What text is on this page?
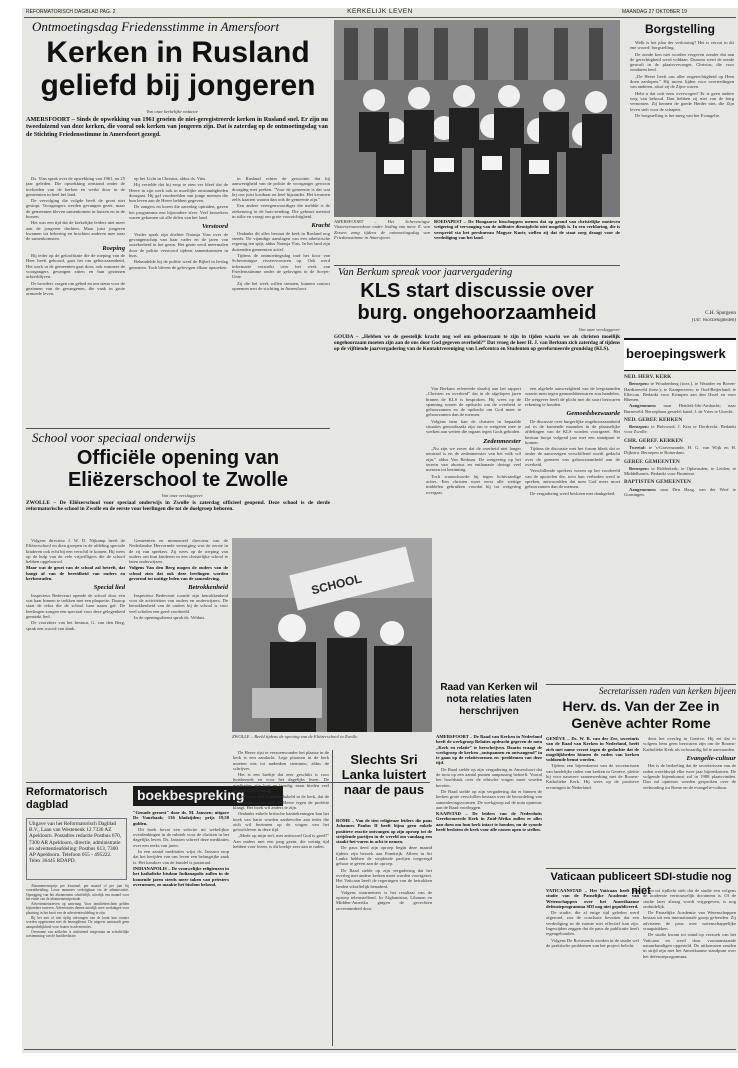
REFORMATORISCH DAGBLAD PAG. 2	KERKELIJK LEVEN	MAANDAG 27 OKTOBER 19
Ontmoetingsdag Friedensstimme in Amersfoort
Kerken in Rusland
geliefd bij jongeren
Van onze kerkelijke redactie
AMERSFOORT – Sinds de opwekking van 1961 groeien de niet-geregistreerde kerken in Rusland snel. Er zijn nu tweeduizend van deze kerken, die vooral ook kerken van jongeren zijn. Dat is zaterdag op de ontmoetingsdag van de Stichting Friedensstimme in Amersfoort gezegd.

Ds. Vins sprak over de opwekking van 1961, nu 25 jaar geleden. Die opwekking ontstond onder de invloeden van de kerken en werkt door in de gemeenten in heel het land.

De vervolging die volgde heeft de groei niet gestopt. Voorgangers werden gevangen gezet, maar de gemeenten bleven samenkomen in huizen en in de bossen.

Het was een tijd dat de kerkelijke leiders niet meer aan de jongeren dachten. Maar juist jongeren kwamen tot bekering en brachten anderen mee naar de samenkomsten.

Roeping

Bij ieder op de geloofsknie die de roeping van de Heer heeft gehoord, gaat het om gehoorzaamheid. Het werk in de gemeenten gaat door, ook wanneer de voorgangers gevangen zitten en hun gezinnen achterblijven.

De broeders vragen om gebed en om steun voor de gezinnen van de gevangenen, die vaak in grote armoede leven.

op het Licht in Christus, aldus ds. Vins.

Hij vertelde dat hij erop te zien ver bleef dat de Heere in zijn werk ook in moeilijke omstandigheden doorgaat. Hij gaf voorbeelden van jonge mensen die hun leven aan de Heere hebben gegeven.

De zangers en koren die zaterdag optraden, gaven het programma een bijzondere sfeer. Veel bezoekers waren gekomen uit alle delen van het land.

Verstoord

Verder sprak zijn dochter Natasja Vins over de gevangenschap van haar vader en de jaren van onzekerheid in het gezin. Het gezin werd meermalen door de politie verstoord tijdens samenkomsten in huis.

Behandelde hij de politie werd de Bijbel in beslag genomen. Toch bleven de gelovigen elkaar opzoeken.

in Rusland echter de gewoonte dat bij aanwezigheid van de politie de voorganger gewoon doorging met preken. "Voor de gemeente is dat wat bij ons juist kostbaar en heel bijzonder. Het kwamen zelfs kaarten waarin dan ook de gemeente zijn."

Een andere vertegenwoordiger die meldde is de ziekenzorg in de huis-zending. Die gebeurt meestal in stilte en vraagt om grote voorzichtigheid.

Kracht

Ondanks dit alles bestaat de kerk in Rusland nog steeds. De vijandige aanslagen van een atheïstische regering ten spijt, aldus Natasja Vins. In het land zijn duizenden gemeenten actief.

Tijdens de ontmoetingsdag trad het koor van Scheveningse vissersvrouwen op. Ook werd informatie verstrekt over het werk van Friedensstimme onder de gelovigen in de Sovjet-Unie.

Zij die het werk willen steunen, kunnen contact opnemen met de stichting in Amersfoort.

AMERSFOORT – Het Scheveningse Vissersvrouwenkoor onder leiding van mevr. E. van Zessen zong tijdens de ontmoetingsdag van Friedensstimme in Amersfoort.

BOEDAPEST – De Hongaarse bisschoppen menen dat op grond van christelijke motieven weigering of vervanging van de militaire dienstplicht niet mogelijk is. In een verklaring, die is verspreid via het persbureau Magyar Kurir, stellen zij dat de staat zorg draagt voor de verdediging van het land.

Van Berkum spreak voor jaarvergadering
KLS start discussie over
burg. ongehoorzaamheid
Van onze verslaggever
GOUDA – „Hebben we de geestelijk kracht nog wel om gehoorzaam te zijn in tijden waarin we als christen moeilijk ongehoorzaam moeten zijn aan de ons door God gegeven overheid?” Dat vroeg de heer H. J. van Berkum zich zaterdag af tijdens op de vijftiende jaarvergadering van de Kontaktvereniging van Leefcentra en Studenten op gereformeerde grondslag (KLS).

Van Berkum refereerde daarbij aan het rapport „Christen en overheid” dat in de afgelopen jaren binnen de KLS is besproken. Hij wees op de spanning tussen de opdracht om de overheid te gehoorzamen en de opdracht om God meer te gehoorzamen dan de mensen.

Volgens hem kan de christen in bepaalde situaties genoodzaakt zijn om te weigeren mee te werken aan wetten die ingaan tegen Gods geboden.

Zedenmeester

„Nu zijn we zover dat de overheid niet langer neutraal is en de zedenmeester van het volk wil zijn,” aldus Van Berkum. De wetgeving op het terrein van abortus en euthanasie dwingt veel mensen tot bezinning.

Toch waarschuwde hij tegen lichtvaardige acties. Een christen moet eerst alle wettige middelen gebruiken voordat hij tot weigering overgaat.

een algehele aanwezigheid van de leegstaanden waarin men tegen gemoedsbezwaren zou handelen. De wetgever heeft de plicht met dit soort bezwaren rekening te houden.

Gemoedsbezwaarde

De discussie over burgerlijke ongehoorzaamheid zal in de komende maanden in de plaatselijke afdelingen van de KLS worden voortgezet. Het bestuur hoopt volgend jaar met een standpunt te komen.

Tijdens de discussie met het forum bleek dat er onder de aanwezigen verschillend wordt gedacht over de grenzen van gehoorzaamheid aan de overheid.

Verschillende sprekers wezen op het voorbeeld van de apostelen die, toen hun verboden werd te spreken, antwoordden dat men God meer moet gehoorzamen dan de mensen.

De vergadering werd besloten met dankgebed.

School voor speciaal onderwijs
Officiële opening van
Eliëzerschool te Zwolle
Van onze verslaggever
ZWOLLE – De Eliëzerschool voor speciaal onderwijs in Zwolle is zaterdag officieel geopend. Deze school is de derde reformatorische school in Zwolle en de eerste voor leerlingen die tot de doelgroep behoren.

Volgens directeur J. W. D. Nijkamp heeft de Eliëzerschool en dien groepen in de afdeling speciale kinderen ook echt bij een verschil te komen. Hij wees op de hulp van de vele vrijwilligers die de school hebben opgebouwd.

Maar wat de groei van de school zal betreft, dat hangt af van de bereidheid van ouders en kerkenraden.

Special lied

Inspecteur Bedeveurt opende de school door een wat haar binnen te trekken met een plaquette. Daarop staat de tekst die de school haar naam gaf. De leerlingen zongen een speciaal voor deze gelegenheid gemaakt lied.

De voorzitter van het bestuur, G. van den Berg, sprak een woord van dank.

Gemeenten en momenteel directeur van de Nederlandse Hervormde vereniging was de eerste in de rij van sprekers. Zij wees op de roeping van ouders om hun kinderen in een christelijke school te laten onderwijzen.

Volgens Van den Berg mogen de ouders van de school zien dat ook deze leerlingen worden gevormd tot nuttige leden van de samenleving.

Betrokkenheid

Inspecteur Bedeveurt toonde zijn betrokkenheid voor de activiteiten van ouders en onderwijzers. De betrokkenheid van de ouders bij de school is voor veel scholen een goed voorbeeld.

In de openingsdienst sprak ds. Velduis.

SCHOOL

ZWOLLE – Beeld tijdens de opening van de Eliëzerschool in Zwolle.

Borgstelling

Welk is het plan der verlossing? Het is vervat in dit ene woord: borgstelling.

De zonde kon niet worden vergeven zonder dat aan de gerechtigheid werd voldaan. Daarom werd de zonde gestraft in de plaatsvervanger, Christus, die voor zondaren leed.

„De Heere heeft ons aller ongerechtigheid op Hem doen aanlopen.” Hij moest lijden voor overtredingen van anderen, alsof zij de Zijne waren.

Hebt u dat ooit eens overwogen? Er is geen andere weg van behoud. Dan hebben zij niet van de borg vernomen. Zij kennen de goede Herder niet, die Zijn leven stelt voor de schapen.

De borgstelling is het merg van het Evangelie.

C.H. Spurgeon
(Uit: Voorzienigheden)
beroepingswerk

NED. HERV. KERK

Beroepen: te Woudenberg (toez.), te Waarder en Boven-Hardinxveld (toez.); te Kamperveen; te Oud-Beijerland; te Ellecom. Bedankt voor Krimpen aan den IJssel en voor Rhenen.

Aangenomen: naar Hendrik-Ido-Ambacht; naar Barneveld. Beroepbaar gesteld: kand. J. de Vries te Utrecht.

NED. GEREF. KERKEN

Beroepen: te Bolsward, J. Kim te Dordrecht. Bedankt voor Zwolle.

CHR. GEREF. KERKEN

Tweetal: te 's-Gravenzande, H. G. van Wijk en H. Dijkstra. Beroepen te Rotterdam.

GEREF. GEMEENTEN

Beroepen: te Ridderkerk; te Opheusden; te Leiden; te Middelharnis. Bedankt voor Bruinisse.

BAPTISTEN GEMEENTEN

Aangenomen: naar Den Haag, van der Werf te Groningen.

Reformatorisch
dagblad
Uitgave van het Reformatorisch Dagblad B.V., Laan van Westenenk 12 7336 AZ Apeldoorn. Postadres redactie Postbus 670, 7300 AR Apeldoorn, directie, administratie en advertentieafdeling: Postbus 613, 7300 AP Apeldoorn. Telefoon 055 - 495222. Telex 36445 RDAPD.

Abonnementsprijs per kwartaal, per maand of per jaar bij vooruitbetaling. Losse nummers verkrijgbaar via de administratie. Opzegging van het abonnement schriftelijk, uiterlijk een maand voor het einde van de abonnementsperiode.

Advertentietarieven op aanvraag. Voor familieberichten gelden bijzondere tarieven. Advertenties dienen uiterlijk twee werkdagen voor plaatsing in het bezit van de advertentieafdeling te zijn.

Bij het niet of niet tijdig ontvangen van de krant kan contact worden opgenomen met de bezorgdienst. De uitgever aanvaardt geen aansprakelijkheid voor fouten in advertenties.

Overname van artikelen is uitsluitend toegestaan na schriftelijke toestemming van de hoofdredactie.

boekbespreking

"Genade geroest" door ds. M. Janssen; uitgave De Vuurbaak; 136 bladzijden; prijs 19,50 gulden.

Dit boek bevat een selectie uit wekelijkse overdenkingen in de rubriek voor de christen in het dagelijks leven. Ds. Janssen schreef deze meditaties over een reeks van jaren.

In een aantal meditaties wijst ds. Janssen erop dat het berijden van ons leven een belangrijke zaak is. Het karakter van de bundel is pastoraal.

INDIANAPOLIS – De vrouwelijke religieuzen in het katholieke bisdom Indianapolis zullen in de komende jaren steeds meer taken van priesters overnemen, zo maakte het bisdom bekend.

De Heere rijst te verzoenwonder het plaatse in de kerk is een aandacht. Lege plaatsen in de kerk moeten ons tot nadenken stemmen, aldus de schrijver.

Het is een boekje dat zeer geschikt is voor huisbezoek en voor het dagelijks lezen. De meditaties zijn kort en bondig, maar bieden veel stof tot overdenking.

Een enkel feit is uitgeschakeld in de kerk, dat de visie onder meer niet de Heere tegen de profetie klaagt. Het boek wil anders te zijn.

Ondanks enkele kritische kanttekeningen kan het boek van harte worden aanbevolen aan ieder die zich wil bezinnen op de vragen van het geloofsleven in deze tijd.

„Mede op mijn stel, met antwoord God is goed!” Aan ouders met een jong gezin, die weinig tijd hebben voor lezen, is dit boekje zeer aan te raden.

Slechts Sri Lanka luistert naar de paus

ROME – Van de tien religieuze leiders die paus Johannes Paulus II heeft bijna geen enkele positieve reactie ontvangen op zijn oproep tot de strijdende partijen in de wereld om vandaag een staakt-het-vuren in acht te nemen.

De paus deed zijn oproep begin deze maand tijdens zijn bezoek aan Frankrijk. Alleen in Sri Lanka hebben de strijdende partijen toegezegd gehoor te geven aan de oproep.

De Raad stelde op zijn vergadering dat het overleg met andere kerken moet worden voortgezet. Het Vaticaan heeft de regeringen van de betrokken landen schriftelijk benaderd.

Volgens waarnemers is het resultaat van de oproep teleurstellend. In Afghanistan, Libanon en Midden-Amerika gingen de gevechten onverminderd door.

Raad van Kerken wil nota relaties laten herschrijven

AMERSFOORT – De Raad van Kerken in Nederland heeft de werkgroep Relaties opdracht gegeven de nota „Kerk en relatie” te herschrijven. Daarin vraagt de werkgroep de kerken „ontspannen en ontvangend” in te gaan op de relatievormen en -problemen van deze tijd.

De Raad stelde op zijn vergadering in Amersfoort dat de nota op een aantal punten aanpassing behoeft. Vooral het hoofdstuk over de ethische vragen moet worden herzien.

De Raad stelde op zijn vergadering dat er binnen de kerken grote verschillen bestaan over de beoordeling van samenlevingsvormen. De werkgroep zal de nota opnieuw aan de Raad voorleggen.

KAAPSTAD – De leiders van de Nederduits Gereformeerde Kerk in Zuid-Afrika zullen er alles aan doen om hun kerk intact te houden, nu de synode heeft besloten de kerk voor alle rassen open te stellen.

Secretarissen raden van kerken bijeen
Herv. ds. Van der Zee in
Genève achter Rome

GENÈVE – Ds. W. R. van der Zee, secretaris van de Raad van Kerken in Nederland, heeft zich met name verzet tegen de gedachte dat de mogelijkheden binnen de raden van kerken voldoende benut worden.

Tijdens een bijeenkomst van de secretarissen van landelijke raden van kerken in Genève, pleitte hij voor nauwere samenwerking met de Rooms-Katholieke Kerk. Hij wees op de positieve ervaringen in Nederland.

dens het overleg in Genève. Hij zei dat er volgens hem geen bezwaren zijn om de Rooms-Katholieke Kerk als volwaardig lid te aanvaarden.

Evangelie-cultuur

Het is de bedoeling dat de secretarissen van de raden wereldwijd elke twee jaar bijeenkomen. De volgende bijeenkomst zal in 1988 plaatsvinden. Dan zal opnieuw worden gesproken over de verhouding tot Rome en de evangelie-cultuur.

Vaticaan publiceert SDI-studie nog niet

VATICAANSTAD – Het Vaticaan heeft een studie van de Pauselijke Academie van Wetenschappen over het Amerikaanse defensieprogramma SDI nog niet gepubliceerd.

De studie, die al enige tijd geleden werd afgerond, zou de conclusie bevatten dat een verdediging in de ruimte niet effectief kan zijn. Ingewijden zeggen dat de paus de publicatie heeft tegengehouden.

Volgens De Rovasenda worden in de studie wel de praktische problemen van het project belicht.

ten tot tijdlicht stelt dat de studie een volgens de academie vertrouwelijk document is. Of de studie later alsnog wordt vrijgegeven, is nog onduidelijk.

De Pauselijke Academie van Wetenschappen bestaat uit een internationale groep geleerden. Zij adviseren de paus over wetenschappelijke vraagstukken.

De studie kwam tot stand op verzoek van het Vaticaan en werd door vooraanstaande natuurkundigen opgesteld. De uitkomsten zouden in strijd zijn met het Amerikaanse standpunt over het defensieprogramma.
